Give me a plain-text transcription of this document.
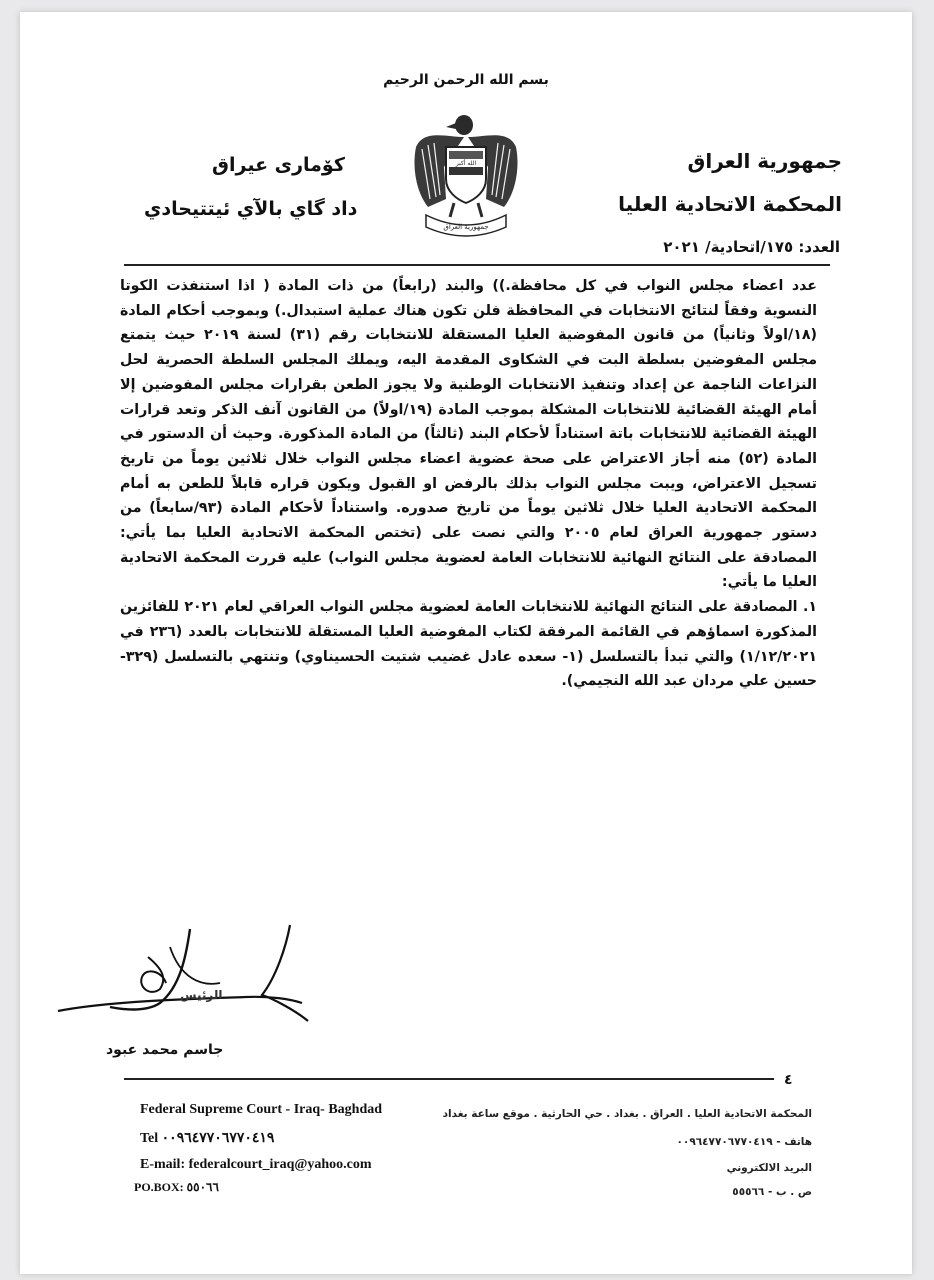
بسم الله الرحمن الرحيم
جمهورية العراق
المحكمة الاتحادية العليا
العدد: ١٧٥/اتحادية/ ٢٠٢١
كوٚماری عیراق
داد گاي بالآي ئيتتيحادي
الله أكبر
جمهورية العراق

عدد اعضاء مجلس النواب في كل محافظة.)) والبند (رابعاً) من ذات المادة ( اذا استنفذت الكوتا النسوية وفقاً لنتائج الانتخابات في المحافظة فلن تكون هناك عملية استبدال.) وبموجب أحكام المادة (١٨/اولاً وثانياً) من قانون المفوضية العليا المستقلة للانتخابات رقم (٣١) لسنة ٢٠١٩ حيث يتمتع مجلس المفوضين بسلطة البت في الشكاوى المقدمة اليه، ويملك المجلس السلطة الحصرية لحل النزاعات الناجمة عن إعداد وتنفيذ الانتخابات الوطنية ولا يجوز الطعن بقرارات مجلس المفوضين إلا أمام الهيئة القضائية للانتخابات المشكلة بموجب المادة (١٩/اولاً) من القانون آنف الذكر وتعد قرارات الهيئة القضائية للانتخابات باتة استناداً لأحكام البند (ثالثاً) من المادة المذكورة. وحيث أن الدستور في المادة (٥٢) منه أجاز الاعتراض على صحة عضوية اعضاء مجلس النواب خلال ثلاثين يوماً من تاريخ تسجيل الاعتراض، ويبت مجلس النواب بذلك بالرفض او القبول ويكون قراره قابلاً للطعن به أمام المحكمة الاتحادية العليا خلال ثلاثين يوماً من تاريخ صدوره. واستناداً لأحكام المادة (٩٣/سابعاً) من دستور جمهورية العراق لعام ٢٠٠٥ والتي نصت على (تختص المحكمة الاتحادية العليا بما يأتي: المصادقة على النتائج النهائية للانتخابات العامة لعضوية مجلس النواب) عليه قررت المحكمة الاتحادية العليا ما يأتي:

١. المصادقة على النتائج النهائية للانتخابات العامة لعضوية مجلس النواب العراقي لعام ٢٠٢١ للفائزين المذكورة اسماؤهم في القائمة المرفقة لكتاب المفوضية العليا المستقلة للانتخابات بالعدد (٢٣٦ في ١/١٢/٢٠٢١) والتي تبدأ بالتسلسل (١- سعده عادل غضيب شتيت الحسيناوي) وتنتهي بالتسلسل (٣٢٩- حسين علي مردان عبد الله النجيمي).

الرئيس
جاسم محمد عبود
٤
Federal Supreme Court - Iraq- Baghdad
Tel ٠٠٩٦٤٧٧٠٦٧٧٠٤١٩
E-mail: federalcourt_iraq@yahoo.com
PO.BOX: ٥٥٠٦٦
المحكمة الاتحادية العليا . العراق . بغداد . حي الحارثية . موقع ساعة بغداد
هاتف - ٠٠٩٦٤٧٧٠٦٧٧٠٤١٩
البريد الالكتروني
ص . ب - ٥٥٥٦٦
